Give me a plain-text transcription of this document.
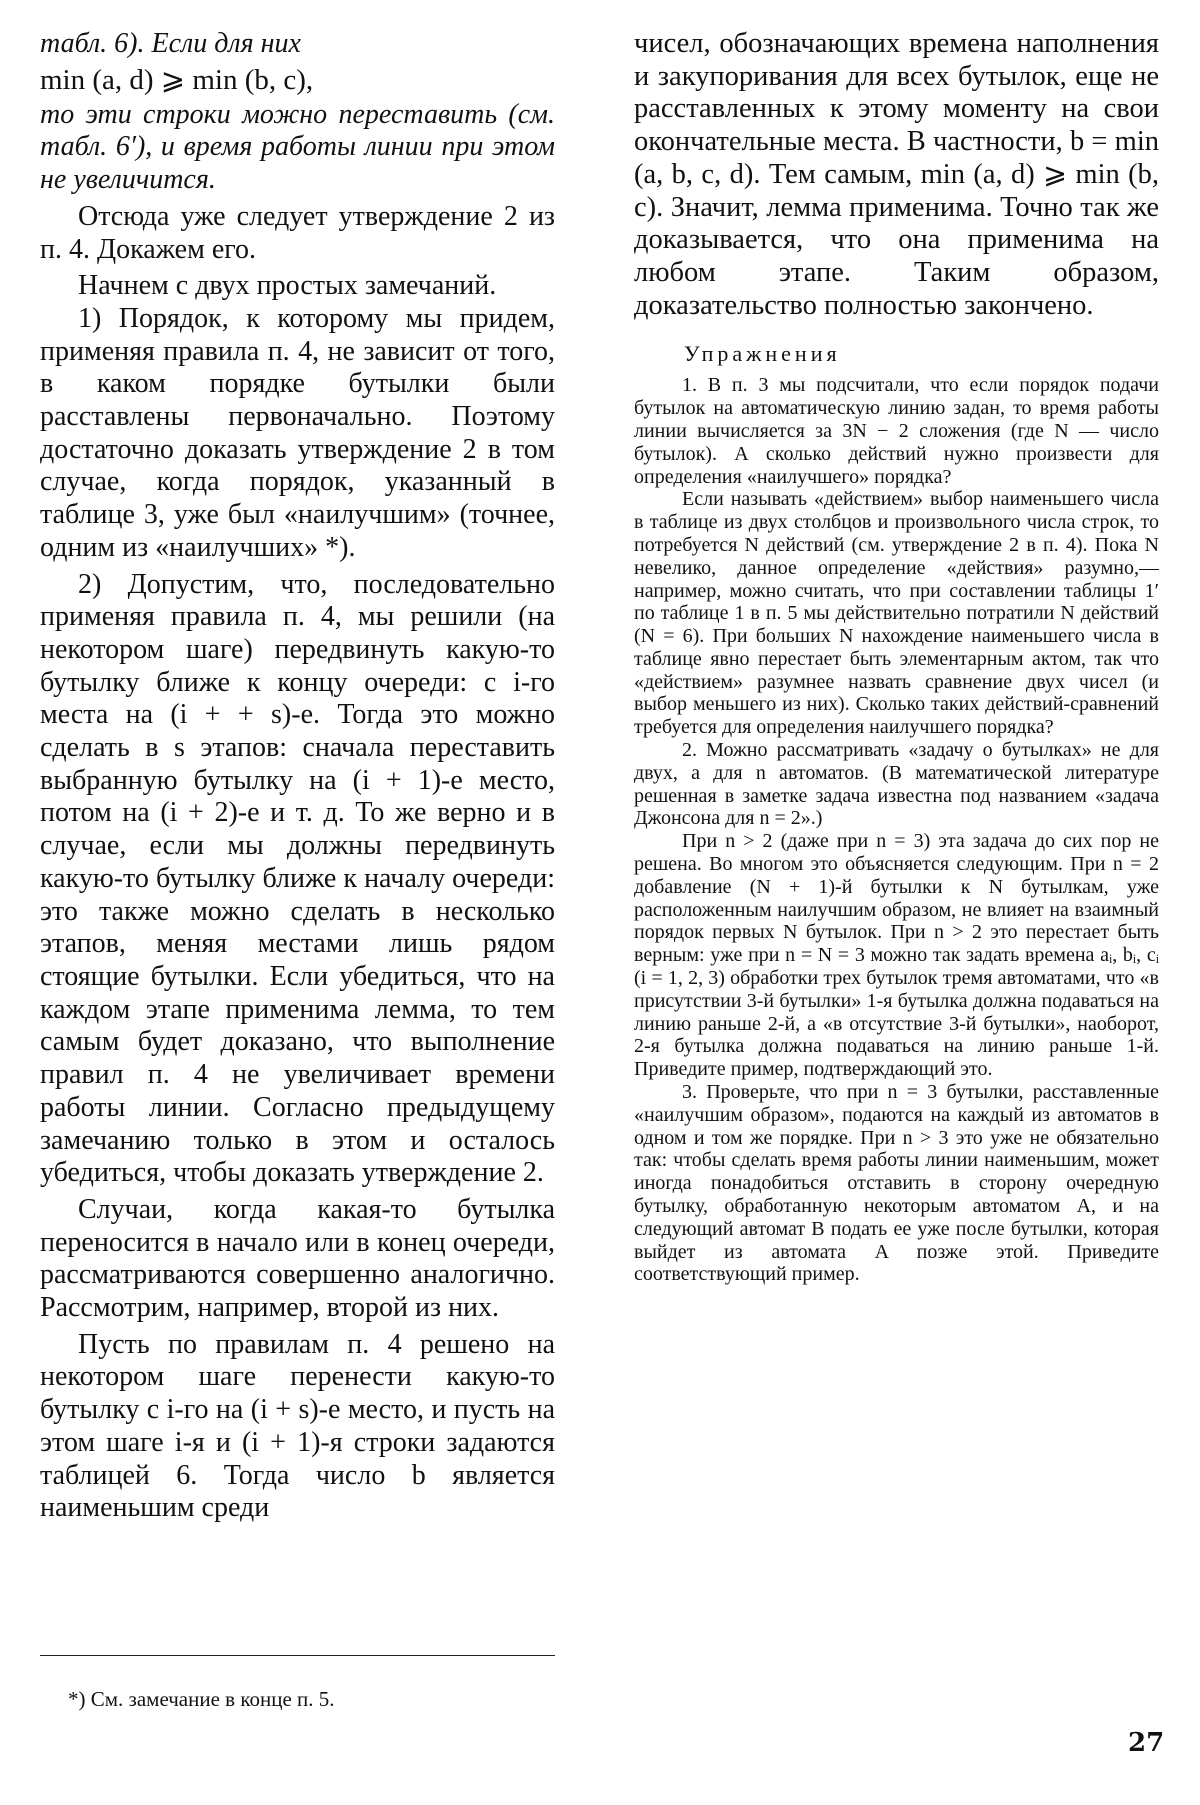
табл. 6). Если для них

min (a, d) ⩾ min (b, c),

то эти строки можно переставить (см. табл. 6′), и время работы линии при этом не увеличится.

Отсюда уже следует утверждение 2 из п. 4. Докажем его.

Начнем с двух простых замечаний.

1) Порядок, к которому мы придем, применяя правила п. 4, не зависит от того, в каком порядке бутылки были расставлены первоначально. Поэтому достаточно доказать утверждение 2 в том случае, когда порядок, указанный в таблице 3, уже был «наилучшим» (точнее, одним из «наилучших» *).

2) Допустим, что, последовательно применяя правила п. 4, мы решили (на некотором шаге) передвинуть какую-то бутылку ближе к концу очереди: с i-го места на (i + + s)-е. Тогда это можно сделать в s этапов: сначала переставить выбранную бутылку на (i + 1)-е место, потом на (i + 2)-е и т. д. То же верно и в случае, если мы должны передвинуть какую-то бутылку ближе к началу очереди: это также можно сделать в несколько этапов, меняя местами лишь рядом стоящие бутылки. Если убедиться, что на каждом этапе применима лемма, то тем самым будет доказано, что выполнение правил п. 4 не увеличивает времени работы линии. Согласно предыдущему замечанию только в этом и осталось убедиться, чтобы доказать утверждение 2.

Случаи, когда какая-то бутылка переносится в начало или в конец очереди, рассматриваются совершенно аналогично. Рассмотрим, например, второй из них.

Пусть по правилам п. 4 решено на некотором шаге перенести какую-то бутылку с i-го на (i + s)-е место, и пусть на этом шаге i-я и (i + 1)-я строки задаются таблицей 6. Тогда число b является наименьшим среди

чисел, обозначающих времена наполнения и закупоривания для всех бутылок, еще не расставленных к этому моменту на свои окончательные места. В частности, b = min (a, b, c, d). Тем самым, min (a, d) ⩾ min (b, c). Значит, лемма применима. Точно так же доказывается, что она применима на любом этапе. Таким образом, доказательство полностью закончено.

Упражнения

1. В п. 3 мы подсчитали, что если порядок подачи бутылок на автоматическую линию задан, то время работы линии вычисляется за 3N − 2 сложения (где N — число бутылок). А сколько действий нужно произвести для определения «наилучшего» порядка?

Если называть «действием» выбор наименьшего числа в таблице из двух столбцов и произвольного числа строк, то потребуется N действий (см. утверждение 2 в п. 4). Пока N невелико, данное определение «действия» разумно,— например, можно считать, что при составлении таблицы 1′ по таблице 1 в п. 5 мы действительно потратили N действий (N = 6). При больших N нахождение наименьшего числа в таблице явно перестает быть элементарным актом, так что «действием» разумнее назвать сравнение двух чисел (и выбор меньшего из них). Сколько таких действий-сравнений требуется для определения наилучшего порядка?

2. Можно рассматривать «задачу о бутылках» не для двух, а для n автоматов. (В математической литературе решенная в заметке задача известна под названием «задача Джонсона для n = 2».)

При n > 2 (даже при n = 3) эта задача до сих пор не решена. Во многом это объясняется следующим. При n = 2 добавление (N + 1)-й бутылки к N бутылкам, уже расположенным наилучшим образом, не влияет на взаимный порядок первых N бутылок. При n > 2 это перестает быть верным: уже при n = N = 3 можно так задать времена aᵢ, bᵢ, cᵢ (i = 1, 2, 3) обработки трех бутылок тремя автоматами, что «в присутствии 3-й бутылки» 1-я бутылка должна подаваться на линию раньше 2-й, а «в отсутствие 3-й бутылки», наоборот, 2-я бутылка должна подаваться на линию раньше 1-й. Приведите пример, подтверждающий это.

3. Проверьте, что при n = 3 бутылки, расставленные «наилучшим образом», подаются на каждый из автоматов в одном и том же порядке. При n > 3 это уже не обязательно так: чтобы сделать время работы линии наименьшим, может иногда понадобиться отставить в сторону очередную бутылку, обработанную некоторым автоматом A, и на следующий автомат B подать ее уже после бутылки, которая выйдет из автомата A позже этой. Приведите соответствующий пример.

*) См. замечание в конце п. 5.
27
